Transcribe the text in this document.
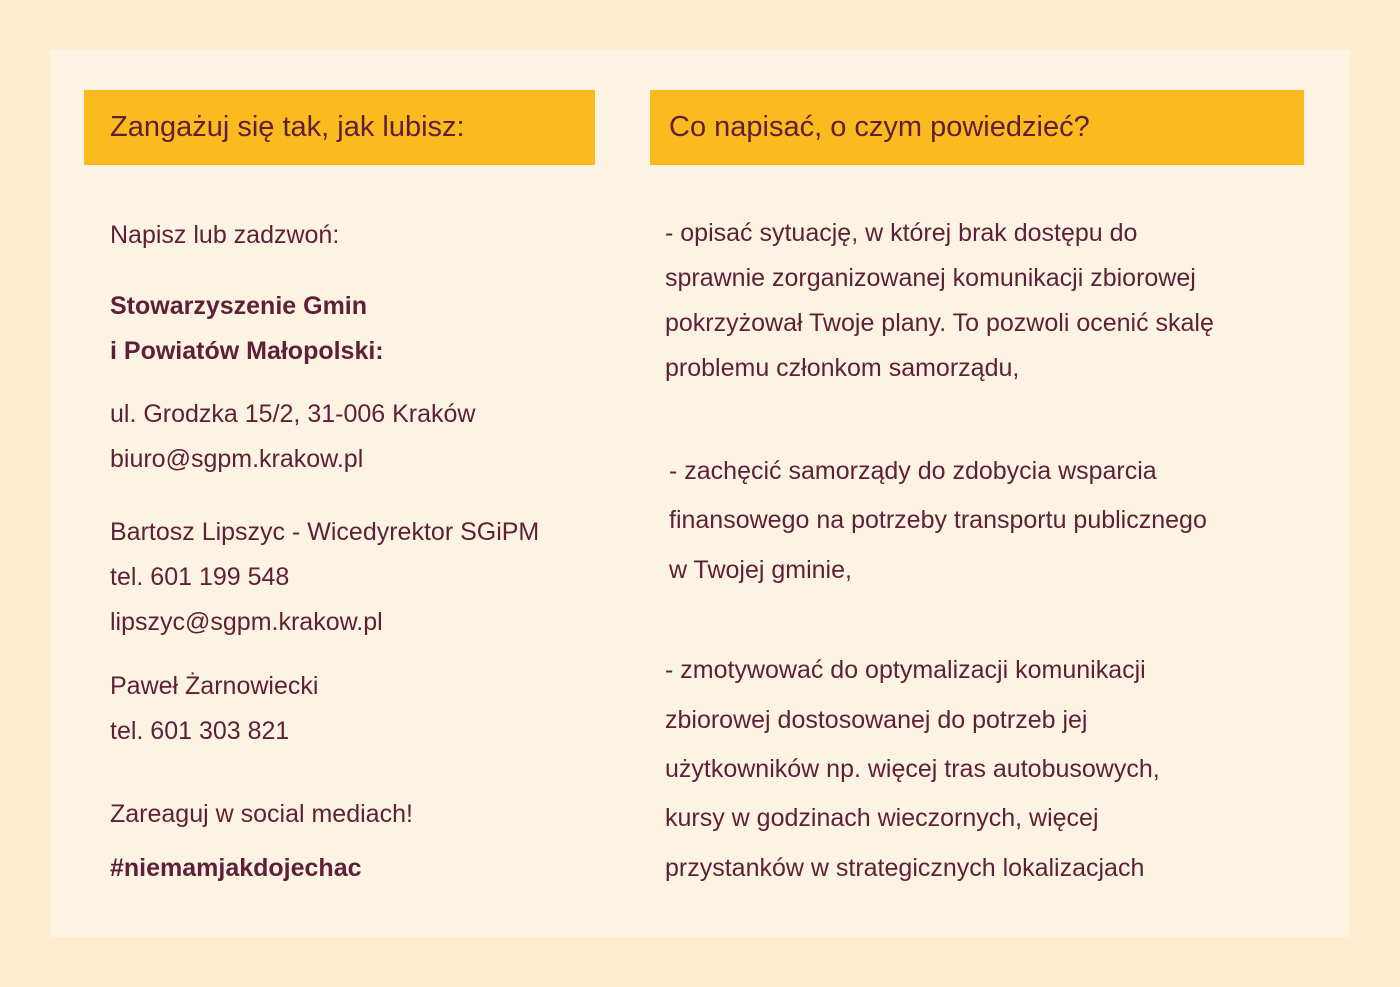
Zangażuj się tak, jak lubisz:
Napisz lub zadzwoń:
Stowarzyszenie Gmin
i Powiatów Małopolski:
ul. Grodzka 15/2, 31-006 Kraków
biuro@sgpm.krakow.pl
Bartosz Lipszyc - Wicedyrektor SGiPM
tel. 601 199 548
lipszyc@sgpm.krakow.pl
Paweł Żarnowiecki
tel. 601 303 821
Zareaguj w social mediach!
#niemamjakdojechac
Co napisać, o czym powiedzieć?
- opisać sytuację, w której brak dostępu do
sprawnie zorganizowanej komunikacji zbiorowej
pokrzyżował Twoje plany. To pozwoli ocenić skalę
problemu członkom samorządu,
- zachęcić samorządy do zdobycia wsparcia
finansowego na potrzeby transportu publicznego
w Twojej gminie,
- zmotywować do optymalizacji komunikacji
zbiorowej dostosowanej do potrzeb jej
użytkowników np. więcej tras autobusowych,
kursy w godzinach wieczornych, więcej
przystanków w strategicznych lokalizacjach
